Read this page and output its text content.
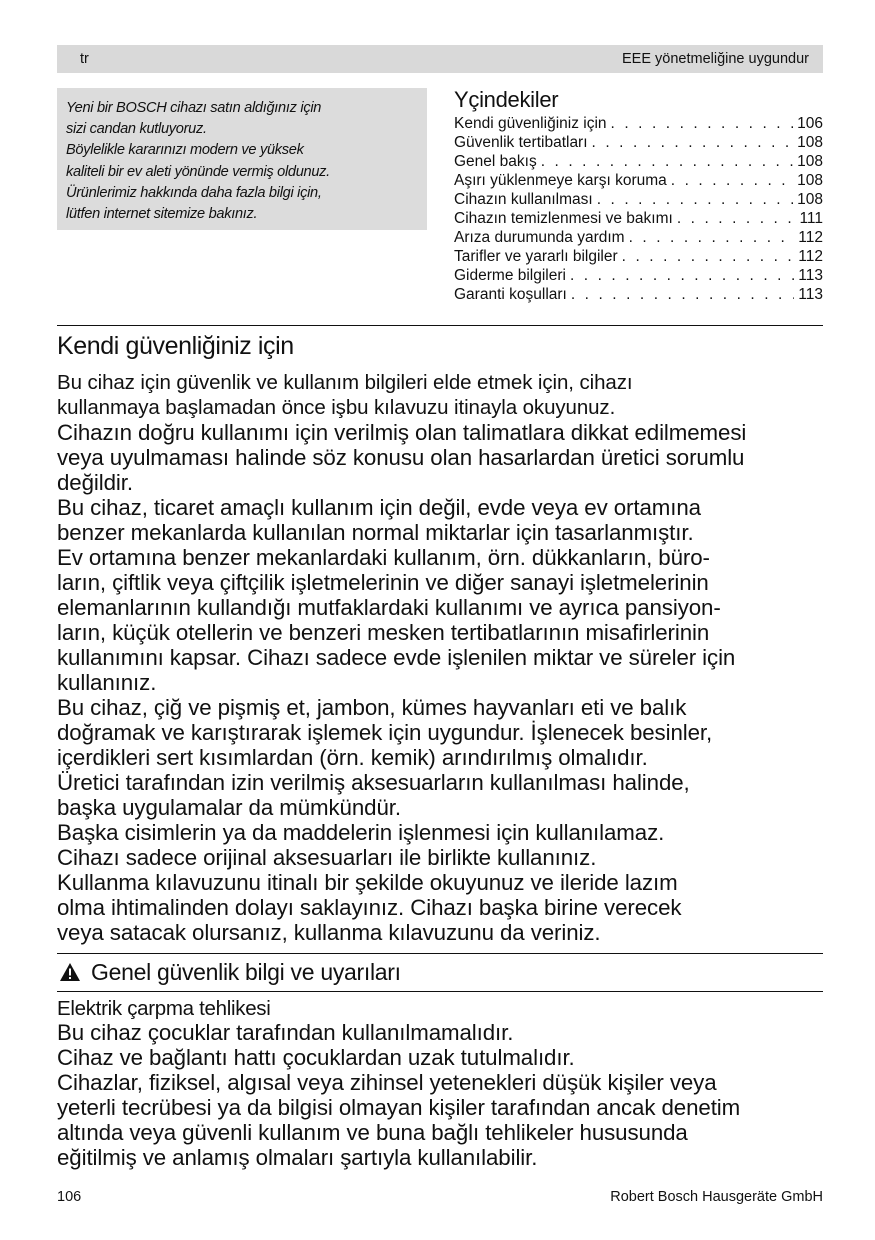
tr	EEE yönetmeliğine uygundur
Yeni bir BOSCH cihazı satın aldığınız için
sizi candan kutluyoruz.
Böylelikle kararınızı modern ve yüksek
kaliteli bir ev aleti yönünde vermiş oldunuz.
Ürünlerimiz hakkında daha fazla bilgi için,
lütfen internet sitemize bakınız.
Yçindekiler
Kendi güvenliğiniz için . . .	106
Güvenlik tertibatları . . .	108
Genel bakış . . .	108
Aşırı yüklenmeye karşı koruma . . .	108
Cihazın kullanılması . . .	108
Cihazın temizlenmesi ve bakımı . . .	111
Arıza durumunda yardım . . .	112
Tarifler ve yararlı bilgiler . . .	112
Giderme bilgileri . . .	113
Garanti koşulları . . .	113
Kendi güvenliğiniz için
Bu cihaz için güvenlik ve kullanım bilgileri elde etmek için, cihazı
kullanmaya başlamadan önce işbu kılavuzu itinayla okuyunuz.
Cihazın doğru kullanımı için verilmiş olan talimatlara dikkat edilmemesi
veya uyulmaması halinde söz konusu olan hasarlardan üretici sorumlu
değildir.
Bu cihaz, ticaret amaçlı kullanım için değil, evde veya ev ortamına
benzer mekanlarda kullanılan normal miktarlar için tasarlanmıştır.
Ev ortamına benzer mekanlardaki kullanım, örn. dükkanların, büro-
ların, çiftlik veya çiftçilik işletmelerinin ve diğer sanayi işletmelerinin
elemanlarının kullandığı mutfaklardaki kullanımı ve ayrıca pansiyon-
ların, küçük otellerin ve benzeri mesken tertibatlarının misafirlerinin
kullanımını kapsar. Cihazı sadece evde işlenilen miktar ve süreler için
kullanınız.
Bu cihaz, çiğ ve pişmiş et, jambon, kümes hayvanları eti ve balık
doğramak ve karıştırarak işlemek için uygundur. İşlenecek besinler,
içerdikleri sert kısımlardan (örn. kemik) arındırılmış olmalıdır.
Üretici tarafından izin verilmiş aksesuarların kullanılması halinde,
başka uygulamalar da mümkündür.
Başka cisimlerin ya da maddelerin işlenmesi için kullanılamaz.
Cihazı sadece orijinal aksesuarları ile birlikte kullanınız.
Kullanma kılavuzunu itinalı bir şekilde okuyunuz ve ileride lazım
olma ihtimalinden dolayı saklayınız. Cihazı başka birine verecek
veya satacak olursanız, kullanma kılavuzunu da veriniz.
Genel güvenlik bilgi ve uyarıları
Elektrik çarpma tehlikesi
Bu cihaz çocuklar tarafından kullanılmamalıdır.
Cihaz ve bağlantı hattı çocuklardan uzak tutulmalıdır.
Cihazlar, fiziksel, algısal veya zihinsel yetenekleri düşük kişiler veya
yeterli tecrübesi ya da bilgisi olmayan kişiler tarafından ancak denetim
altında veya güvenli kullanım ve buna bağlı tehlikeler hususunda
eğitilmiş ve anlamış olmaları şartıyla kullanılabilir.
106	Robert Bosch Hausgeräte GmbH
